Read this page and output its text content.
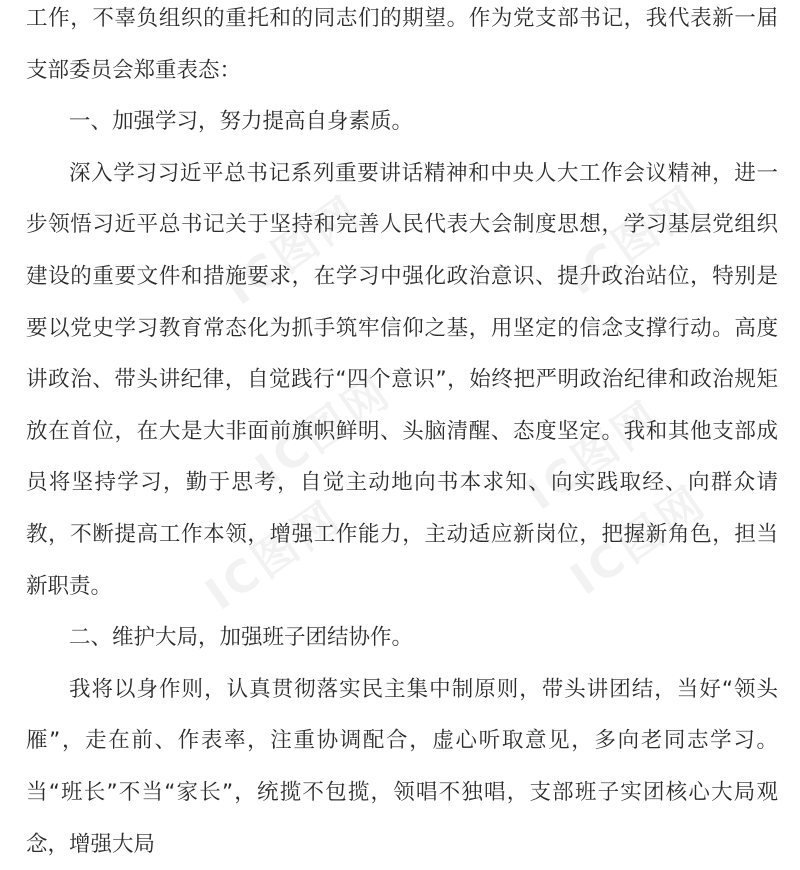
IC图网	IC图网
IC图网	IC图网
IC图网	IC图网

工作，不辜负组织的重托和的同志们的期望。作为党支部书记，我代表新一届支部委员会郑重表态：

一、加强学习，努力提高自身素质。

深入学习习近平总书记系列重要讲话精神和中央人大工作会议精神，进一步领悟习近平总书记关于坚持和完善人民代表大会制度思想，学习基层党组织建设的重要文件和措施要求，在学习中强化政治意识、提升政治站位，特别是要以党史学习教育常态化为抓手筑牢信仰之基，用坚定的信念支撑行动。高度讲政治、带头讲纪律，自觉践行“四个意识”，始终把严明政治纪律和政治规矩放在首位，在大是大非面前旗帜鲜明、头脑清醒、态度坚定。我和其他支部成员将坚持学习，勤于思考，自觉主动地向书本求知、向实践取经、向群众请教，不断提高工作本领，增强工作能力，主动适应新岗位，把握新角色，担当新职责。

二、维护大局，加强班子团结协作。

我将以身作则，认真贯彻落实民主集中制原则，带头讲团结，当好“领头雁”，走在前、作表率，注重协调配合，虚心听取意见，多向老同志学习。当“班长”不当“家长”，统揽不包揽，领唱不独唱，支部班子实团核心大局观念，增强大局
